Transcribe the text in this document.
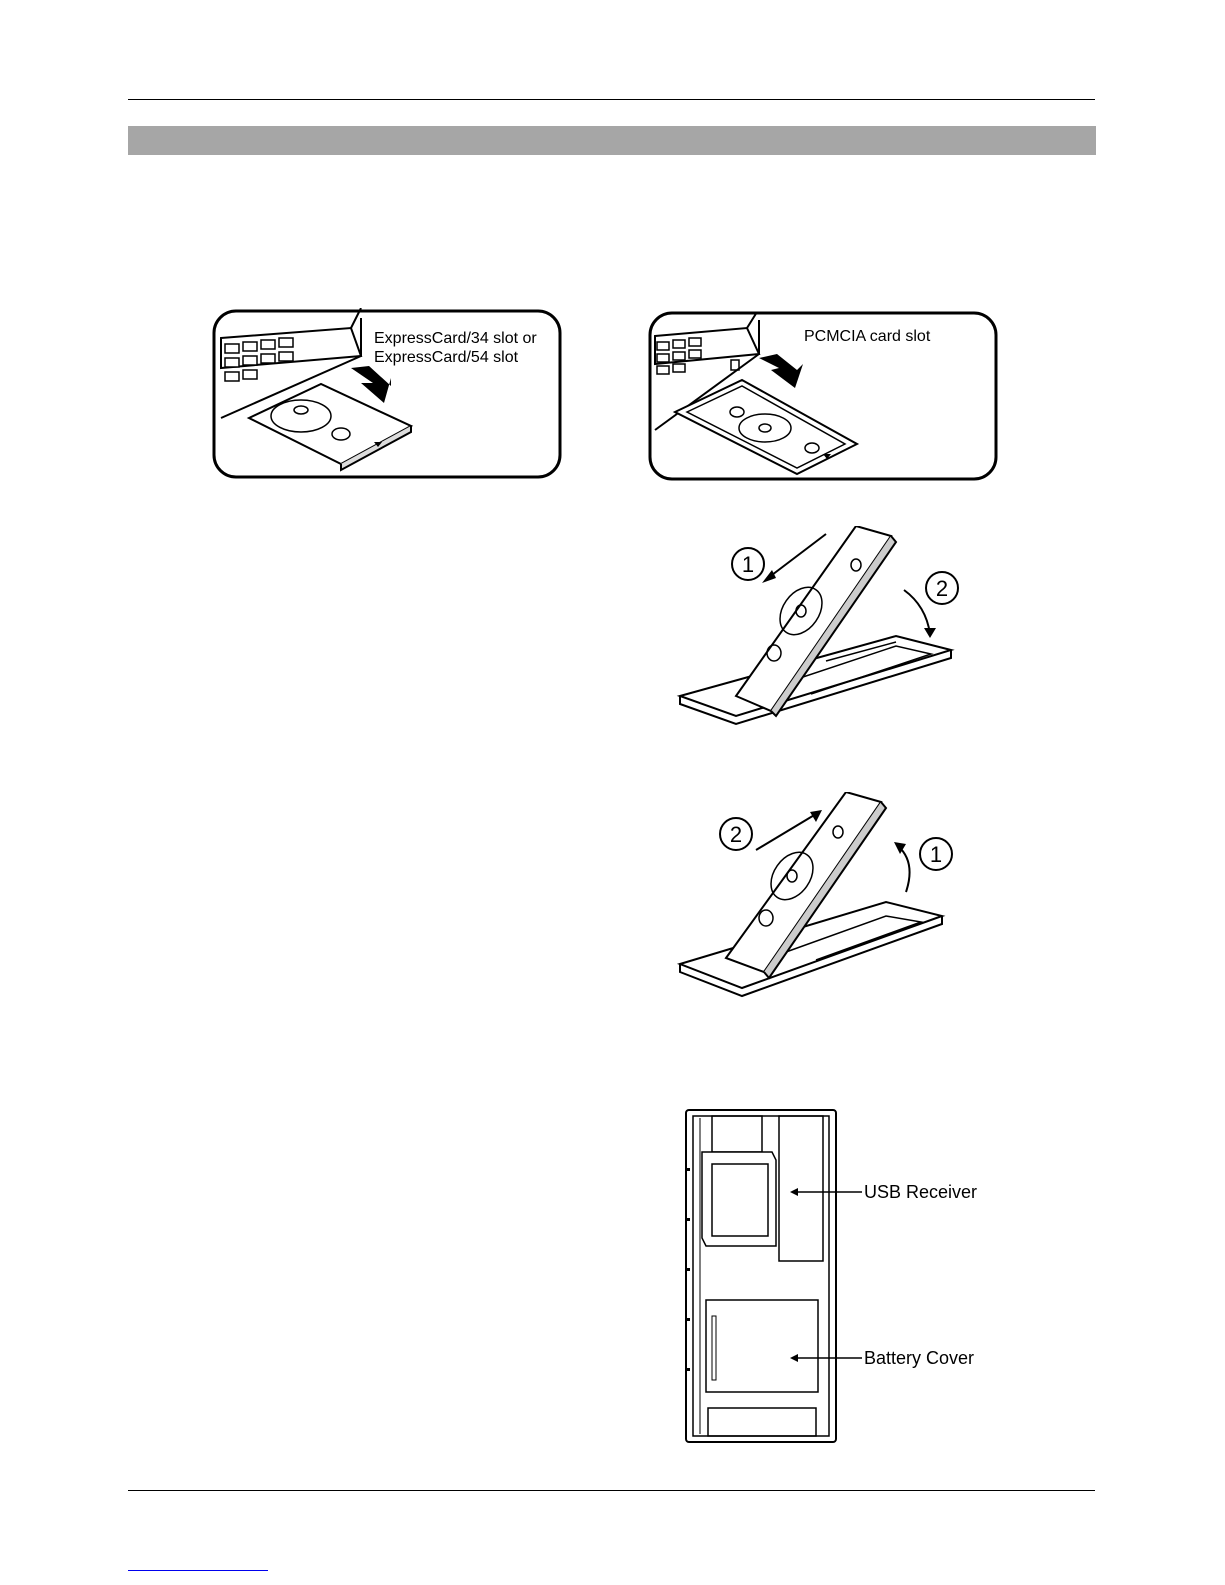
ExpressCard/34 slot or
ExpressCard/54 slot
PCMCIA card slot
1
2
2
1
USB Receiver
Battery Cover
